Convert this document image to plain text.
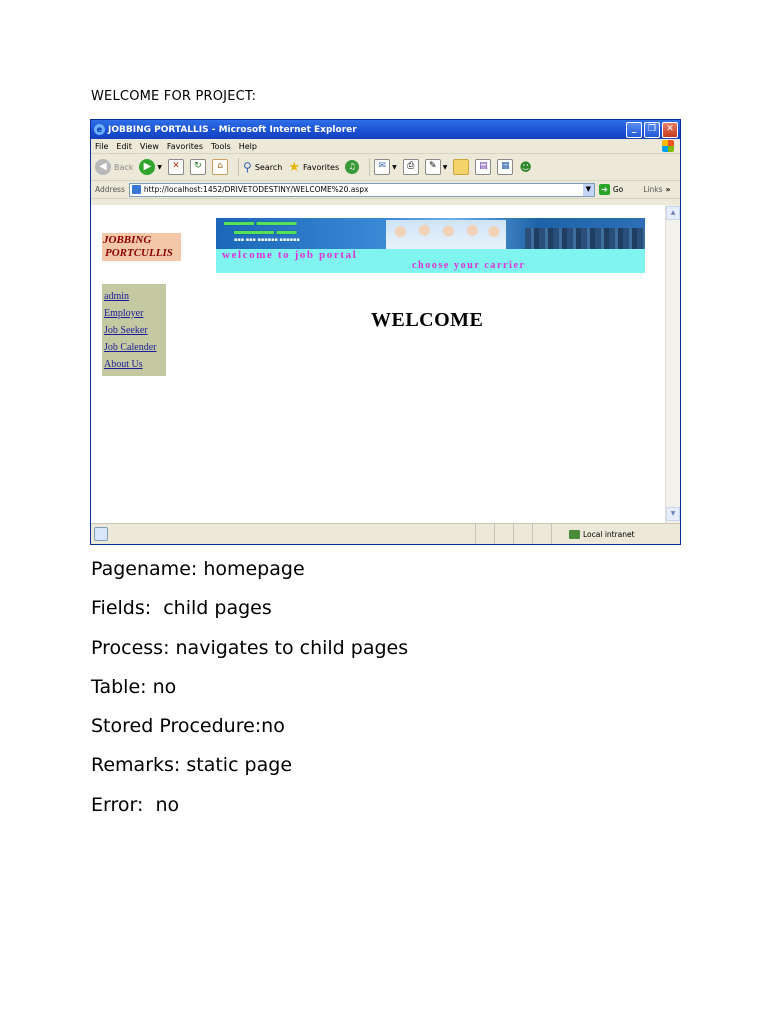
WELCOME FOR PROJECT:
e JOBBING PORTALLIS - Microsoft Internet Explorer	_	❐	✕
File Edit View Favorites Tools Help
◀ Back	▶	▼	✕	↻	⌂	⚲ Search ★ Favorites	♫	✉	▼	⎙	✎	▼	▤	▦ ☻
Address	http://localhost:1452/DRIVETODESTINY/WELCOME%20.aspx	▼	➜ Go	Links »
JOBBING
PORTCULLIS
▬▬▬ ▬▬▬▬
▬▬▬▬ ▬▬
▪▪▪ ▪▪▪ ▪▪▪▪▪▪ ▪▪▪▪▪▪
welcome to job portal
choose your carrier
admin
Employer
Job Seeker
Job Calender
About Us
WELCOME
▲
▼
Local intranet
Pagename: homepage
Fields:  child pages
Process: navigates to child pages
Table: no
Stored Procedure:no
Remarks: static page
Error:  no
